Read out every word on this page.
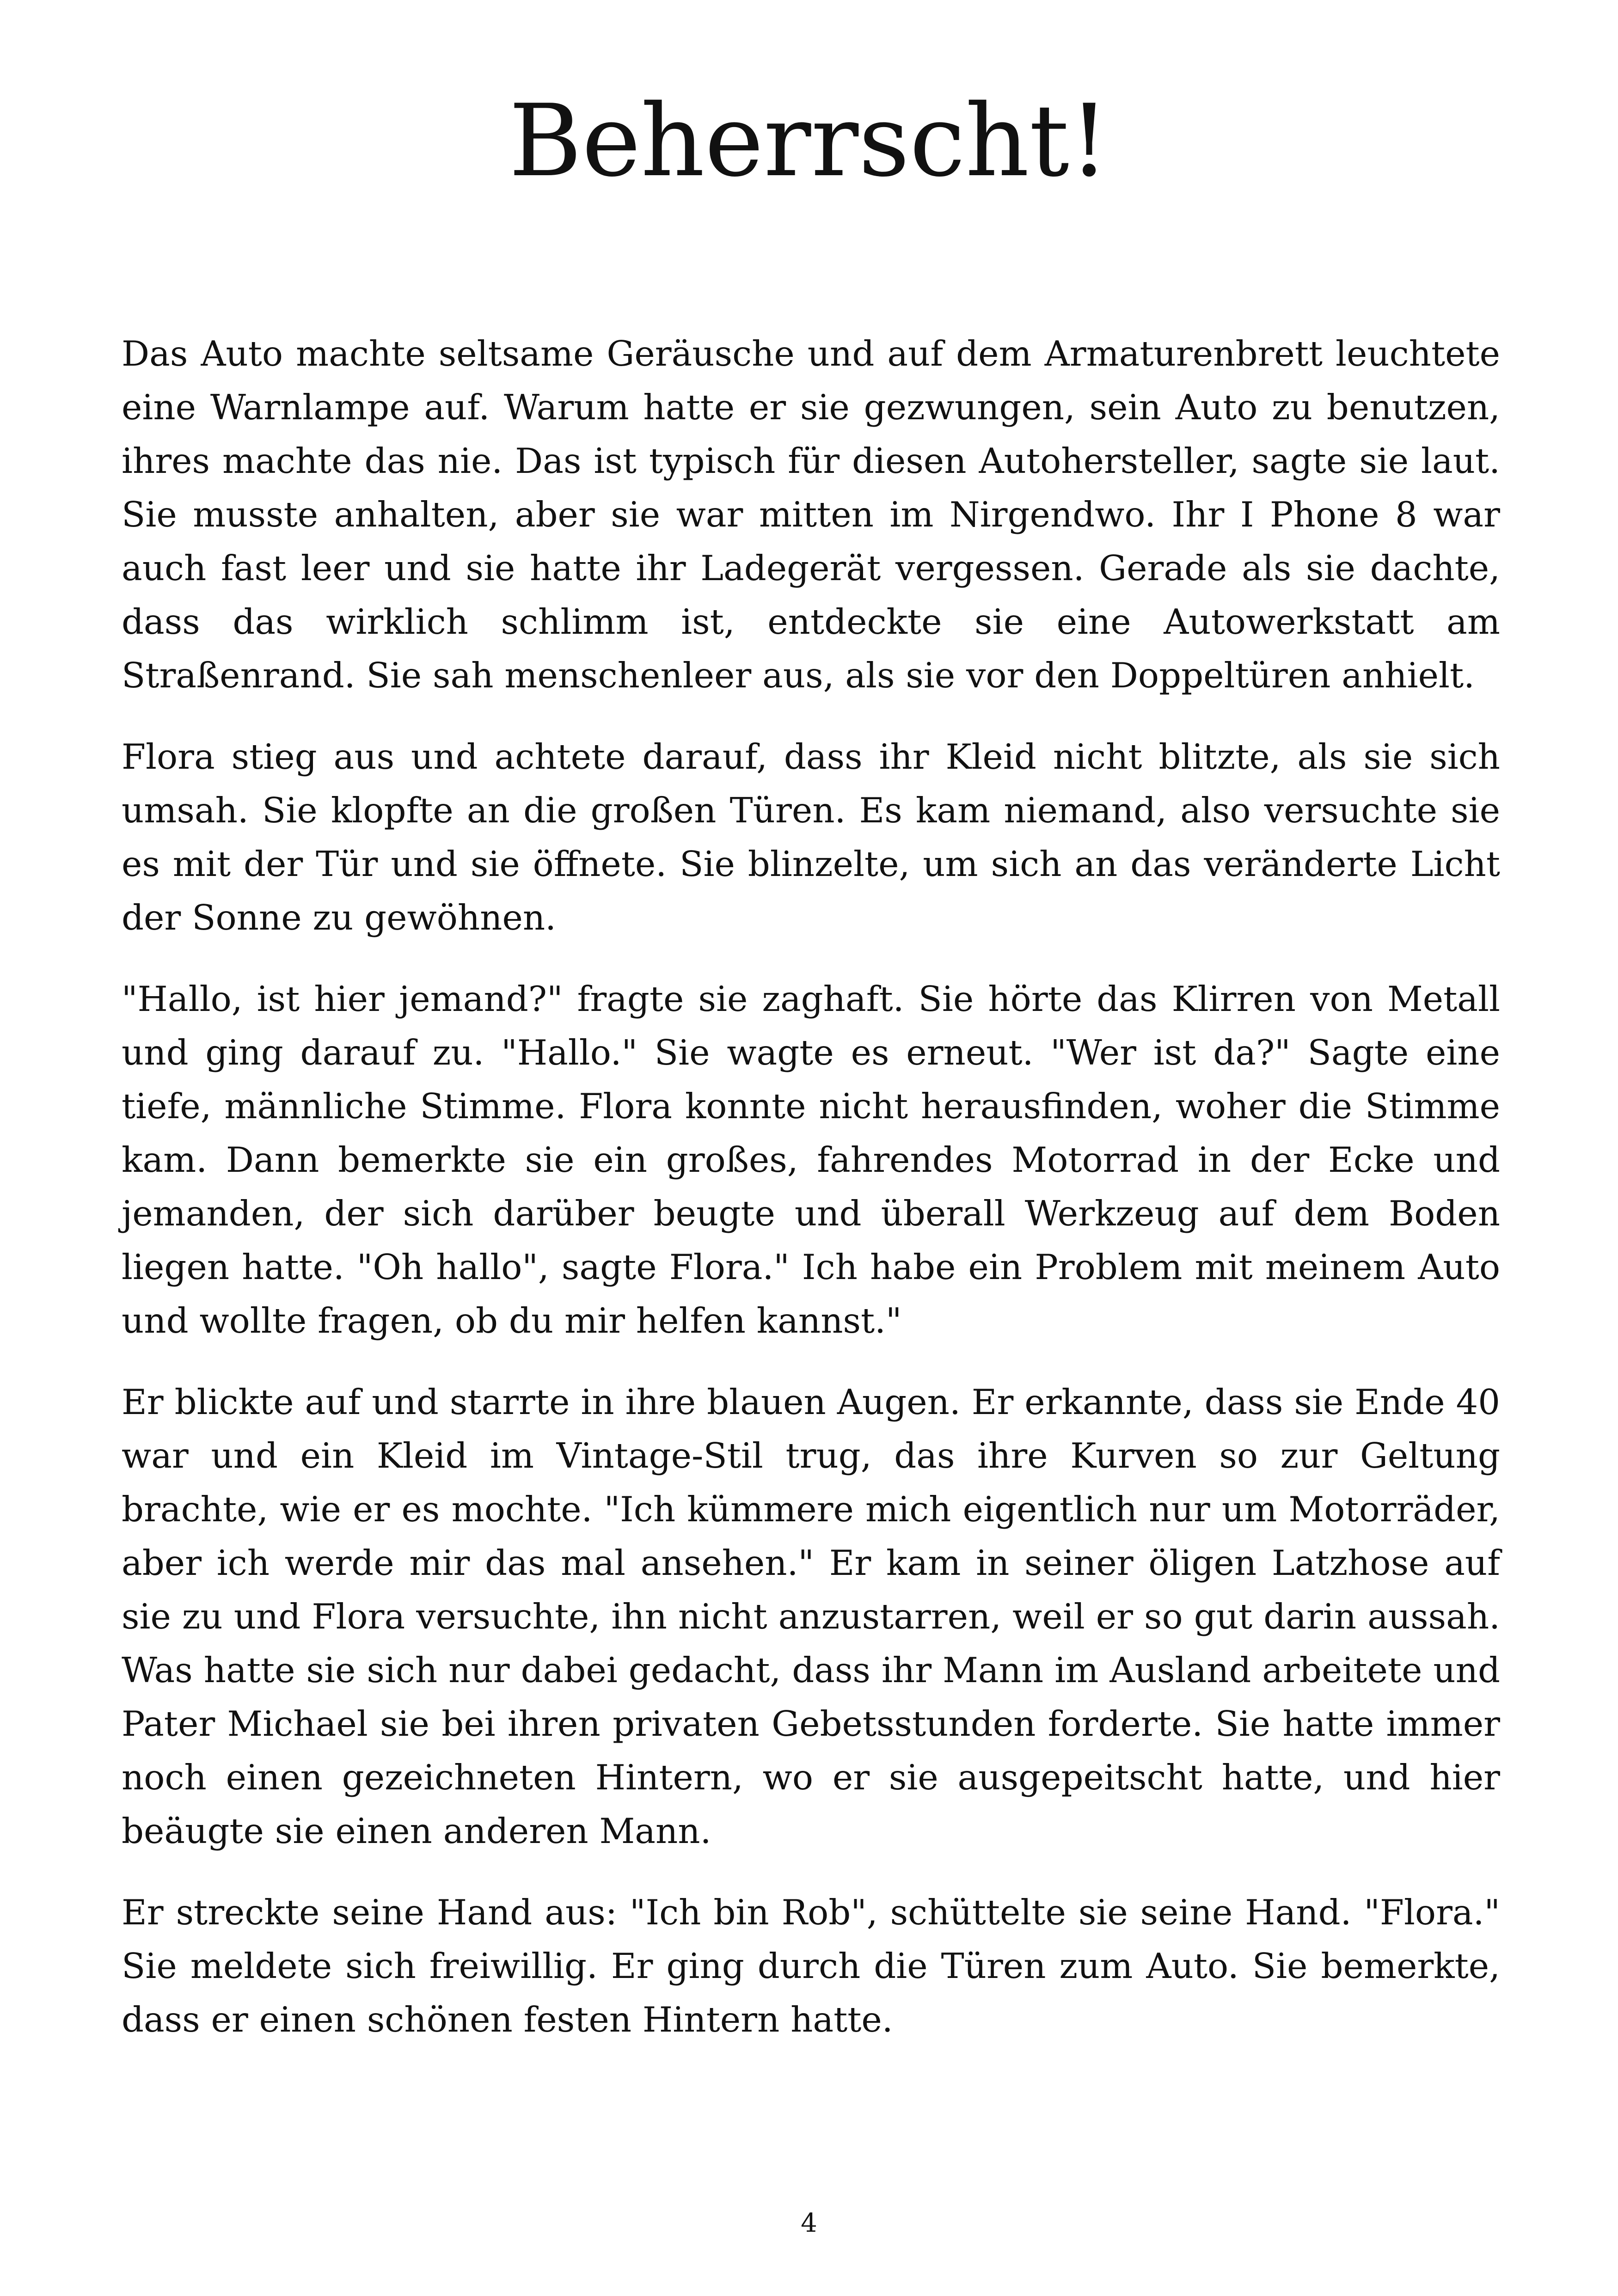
Beherrscht!

Das Auto machte seltsame Geräusche und auf dem Armaturenbrett leuchtete eine Warnlampe auf. Warum hatte er sie gezwungen, sein Auto zu benutzen, ihres machte das nie. Das ist typisch für diesen Autohersteller, sagte sie laut. Sie musste anhalten, aber sie war mitten im Nirgendwo. Ihr I Phone 8 war auch fast leer und sie hatte ihr Ladegerät vergessen. Gerade als sie dachte, dass das wirklich schlimm ist, entdeckte sie eine Autowerkstatt am Straßenrand. Sie sah menschenleer aus, als sie vor den Doppeltüren anhielt.

Flora stieg aus und achtete darauf, dass ihr Kleid nicht blitzte, als sie sich umsah. Sie klopfte an die großen Türen. Es kam niemand, also versuchte sie es mit der Tür und sie öffnete. Sie blinzelte, um sich an das veränderte Licht der Sonne zu gewöhnen.

"Hallo, ist hier jemand?" fragte sie zaghaft. Sie hörte das Klirren von Metall und ging darauf zu. "Hallo." Sie wagte es erneut. "Wer ist da?" Sagte eine tiefe, männliche Stimme. Flora konnte nicht herausfinden, woher die Stimme kam. Dann bemerkte sie ein großes, fahrendes Motorrad in der Ecke und jemanden, der sich darüber beugte und überall Werkzeug auf dem Boden liegen hatte. "Oh hallo", sagte Flora." Ich habe ein Problem mit meinem Auto und wollte fragen, ob du mir helfen kannst."

Er blickte auf und starrte in ihre blauen Augen. Er erkannte, dass sie Ende 40 war und ein Kleid im Vintage-Stil trug, das ihre Kurven so zur Geltung brachte, wie er es mochte. "Ich kümmere mich eigentlich nur um Motorräder, aber ich werde mir das mal ansehen." Er kam in seiner öligen Latzhose auf sie zu und Flora versuchte, ihn nicht anzustarren, weil er so gut darin aussah. Was hatte sie sich nur dabei gedacht, dass ihr Mann im Ausland arbeitete und Pater Michael sie bei ihren privaten Gebetsstunden forderte. Sie hatte immer noch einen gezeichneten Hintern, wo er sie ausgepeitscht hatte, und hier beäugte sie einen anderen Mann.

Er streckte seine Hand aus: "Ich bin Rob", schüttelte sie seine Hand. "Flora." Sie meldete sich freiwillig. Er ging durch die Türen zum Auto. Sie bemerkte, dass er einen schönen festen Hintern hatte.

4
